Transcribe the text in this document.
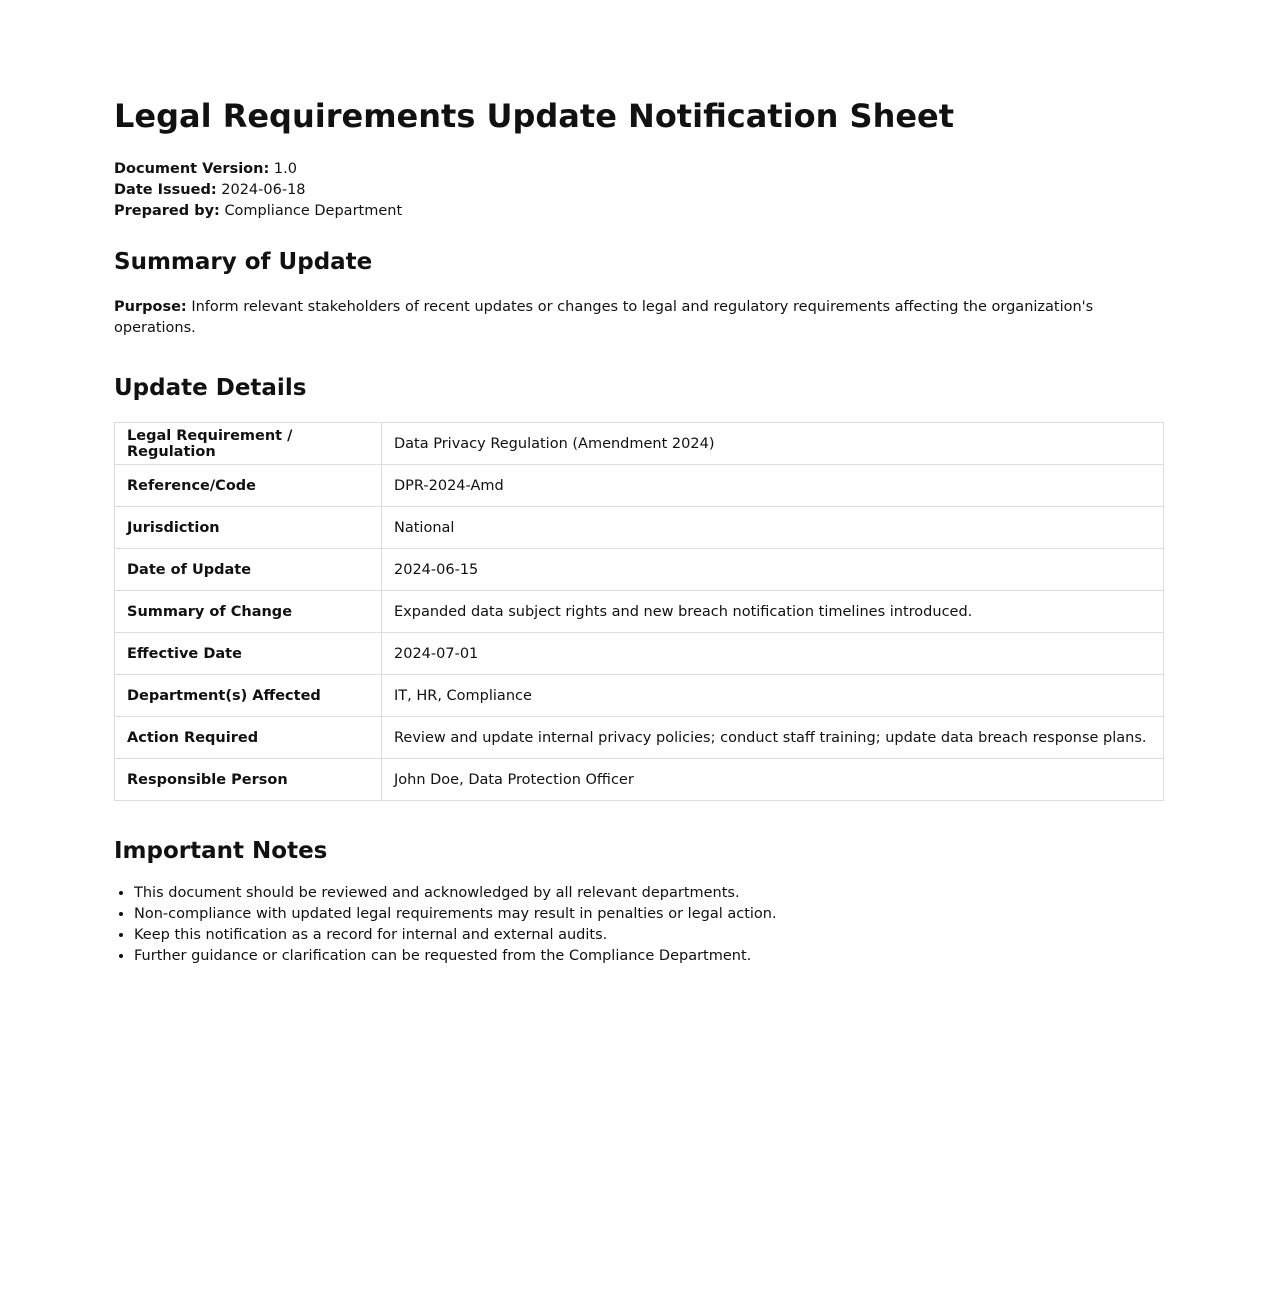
Legal Requirements Update Notification Sheet
Document Version: 1.0
Date Issued: 2024-06-18
Prepared by: Compliance Department
Summary of Update
Purpose: Inform relevant stakeholders of recent updates or changes to legal and regulatory requirements affecting the organization's operations.
Update Details
Legal Requirement / Regulation	Data Privacy Regulation (Amendment 2024)
Reference/Code	DPR-2024-Amd
Jurisdiction	National
Date of Update	2024-06-15
Summary of Change	Expanded data subject rights and new breach notification timelines introduced.
Effective Date	2024-07-01
Department(s) Affected	IT, HR, Compliance
Action Required	Review and update internal privacy policies; conduct staff training; update data breach response plans.
Responsible Person	John Doe, Data Protection Officer
Important Notes
• This document should be reviewed and acknowledged by all relevant departments.
• Non-compliance with updated legal requirements may result in penalties or legal action.
• Keep this notification as a record for internal and external audits.
• Further guidance or clarification can be requested from the Compliance Department.
